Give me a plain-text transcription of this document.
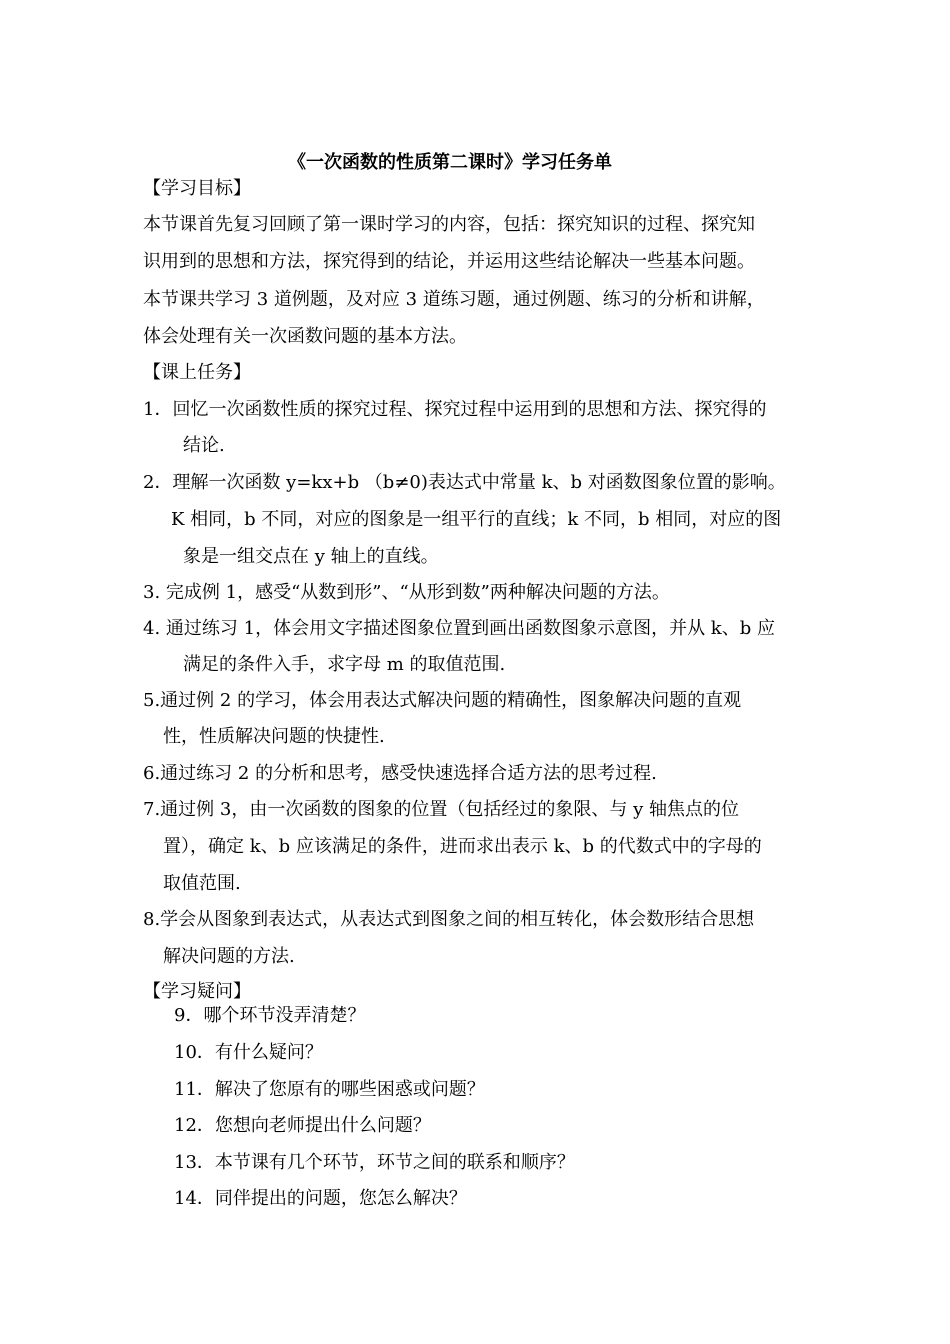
《一次函数的性质第二课时》学习任务单
【学习目标】
本节课首先复习回顾了第一课时学习的内容，包括：探究知识的过程、探究知
识用到的思想和方法，探究得到的结论，并运用这些结论解决一些基本问题。
本节课共学习 3 道例题，及对应 3 道练习题，通过例题、练习的分析和讲解，
体会处理有关一次函数问题的基本方法。
【课上任务】
1．回忆一次函数性质的探究过程、探究过程中运用到的思想和方法、探究得的
结论.
2．理解一次函数 y=kx+b （b≠0)表达式中常量 k、b 对函数图象位置的影响。
K 相同，b 不同，对应的图象是一组平行的直线；k 不同，b 相同，对应的图
象是一组交点在 y 轴上的直线。
3. 完成例 1，感受“从数到形”、“从形到数”两种解决问题的方法。
4. 通过练习 1，体会用文字描述图象位置到画出函数图象示意图，并从 k、b 应
满足的条件入手，求字母 m 的取值范围.
5.通过例 2 的学习，体会用表达式解决问题的精确性，图象解决问题的直观
性，性质解决问题的快捷性.
6.通过练习 2 的分析和思考，感受快速选择合适方法的思考过程.
7.通过例 3，由一次函数的图象的位置（包括经过的象限、与 y 轴焦点的位
置），确定 k、b 应该满足的条件，进而求出表示 k、b 的代数式中的字母的
取值范围.
8.学会从图象到表达式，从表达式到图象之间的相互转化，体会数形结合思想
解决问题的方法.
【学习疑问】
9．哪个环节没弄清楚？
10．有什么疑问？
11．解决了您原有的哪些困惑或问题？
12．您想向老师提出什么问题？
13．本节课有几个环节，环节之间的联系和顺序？
14．同伴提出的问题，您怎么解决？
